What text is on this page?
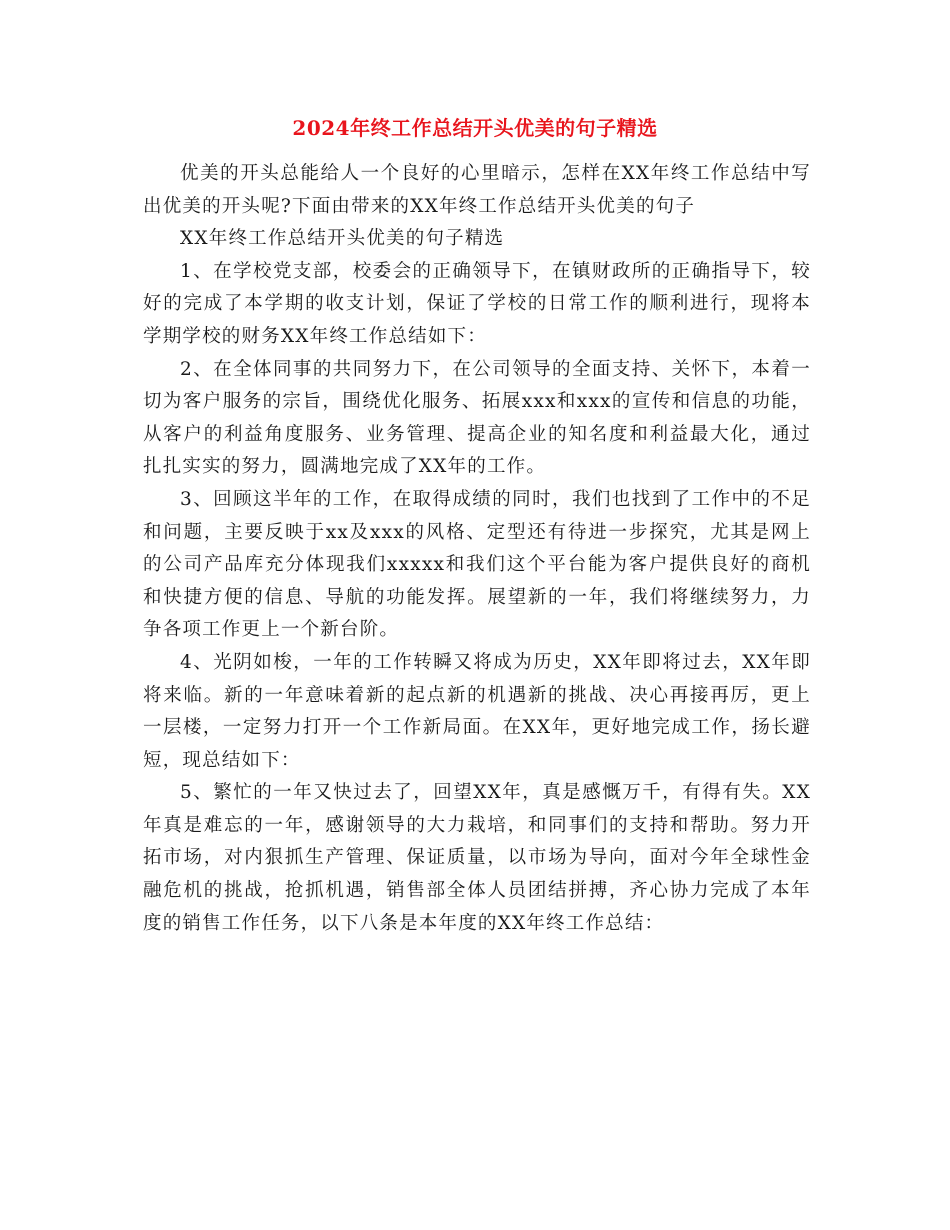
2024年终工作总结开头优美的句子精选

优美的开头总能给人一个良好的心里暗示，怎样在XX年终工作总结中写出优美的开头呢?下面由带来的XX年终工作总结开头优美的句子

XX年终工作总结开头优美的句子精选

1、在学校党支部，校委会的正确领导下，在镇财政所的正确指导下，较好的完成了本学期的收支计划，保证了学校的日常工作的顺利进行，现将本学期学校的财务XX年终工作总结如下：

2、在全体同事的共同努力下，在公司领导的全面支持、关怀下，本着一切为客户服务的宗旨，围绕优化服务、拓展xxx和xxx的宣传和信息的功能，从客户的利益角度服务、业务管理、提高企业的知名度和利益最大化，通过扎扎实实的努力，圆满地完成了XX年的工作。

3、回顾这半年的工作，在取得成绩的同时，我们也找到了工作中的不足和问题，主要反映于xx及xxx的风格、定型还有待进一步探究，尤其是网上的公司产品库充分体现我们xxxxx和我们这个平台能为客户提供良好的商机和快捷方便的信息、导航的功能发挥。展望新的一年，我们将继续努力，力争各项工作更上一个新台阶。

4、光阴如梭，一年的工作转瞬又将成为历史，XX年即将过去，XX年即将来临。新的一年意味着新的起点新的机遇新的挑战、决心再接再厉，更上一层楼，一定努力打开一个工作新局面。在XX年，更好地完成工作，扬长避短，现总结如下：

5、繁忙的一年又快过去了，回望XX年，真是感慨万千，有得有失。XX年真是难忘的一年，感谢领导的大力栽培，和同事们的支持和帮助。努力开拓市场，对内狠抓生产管理、保证质量，以市场为导向，面对今年全球性金融危机的挑战，抢抓机遇，销售部全体人员团结拼搏，齐心协力完成了本年度的销售工作任务，以下八条是本年度的XX年终工作总结：
